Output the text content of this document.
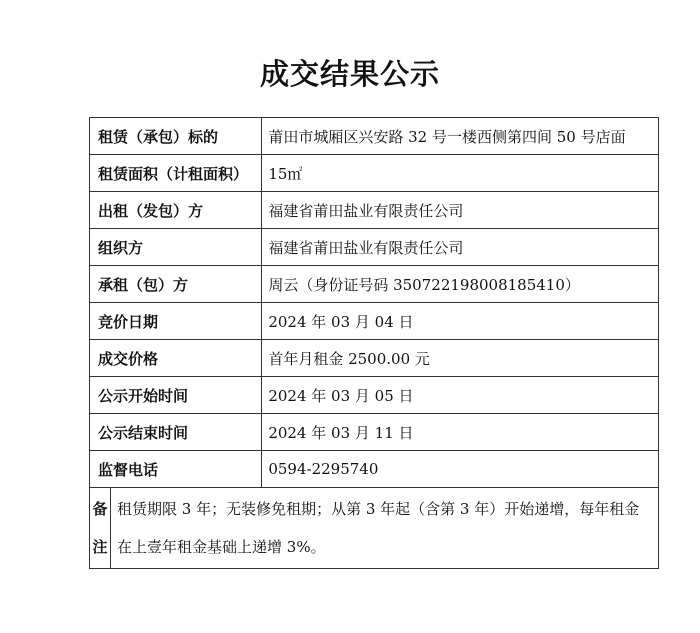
成交结果公示
租赁（承包）标的		莆田市城厢区兴安路 32 号一楼西侧第四间 50 号店面
租赁面积（计租面积）		15㎡
出租（发包）方		福建省莆田盐业有限责任公司
组织方		福建省莆田盐业有限责任公司
承租（包）方		周云（身份证号码 350722198008185410）
竞价日期		2024 年 03 月 04 日
成交价格		首年月租金 2500.00 元
公示开始时间		2024 年 03 月 05 日
公示结束时间		2024 年 03 月 11 日
监督电话		0594-2295740

备
注	租赁期限 3 年；无装修免租期；从第 3 年起（含第 3 年）开始递增，每年租金在上壹年租金基础上递增 3%。	
